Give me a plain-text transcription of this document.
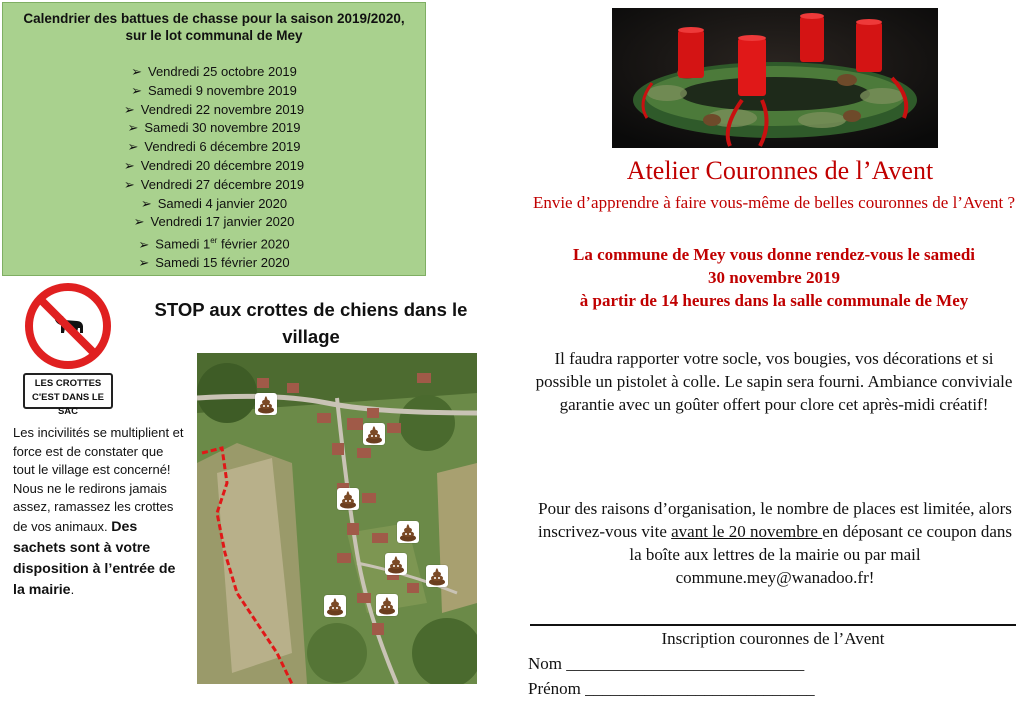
Calendrier des battues de chasse pour la saison 2019/2020,
sur le lot communal de Mey
➢ Vendredi 25 octobre 2019
➢ Samedi 9 novembre 2019
➢ Vendredi 22 novembre 2019
➢ Samedi 30 novembre 2019
➢ Vendredi 6 décembre 2019
➢ Vendredi 20 décembre 2019
➢ Vendredi 27 décembre 2019
➢ Samedi 4 janvier 2020
➢ Vendredi 17 janvier 2020
➢ Samedi 1er février 2020
➢ Samedi 15 février 2020
LES CROTTES
C'EST DANS LE SAC
STOP aux crottes de chiens dans le village
Les incivilités se multiplient et force est de constater que tout le village est concerné! Nous ne le redirons jamais assez, ramassez les crottes de vos animaux. Des sachets sont à votre disposition à l’entrée de la mairie.
Atelier Couronnes de l’Avent
Envie d’apprendre à faire vous-même de belles couronnes de l’Avent ?
La commune de Mey vous donne rendez-vous le samedi
30 novembre 2019
à partir de 14 heures dans la salle communale de Mey
Il faudra rapporter votre socle, vos bougies, vos décorations et si possible un pistolet à colle. Le sapin sera fourni. Ambiance conviviale garantie avec un goûter offert pour clore cet après-midi créatif!
Pour des raisons d’organisation, le nombre de places est limitée, alors inscrivez-vous vite avant le 20 novembre en déposant ce coupon dans la boîte aux lettres de la mairie ou par mail commune.mey@wanadoo.fr!
Inscription couronnes de l’Avent
Nom ____________________________
Prénom ___________________________
